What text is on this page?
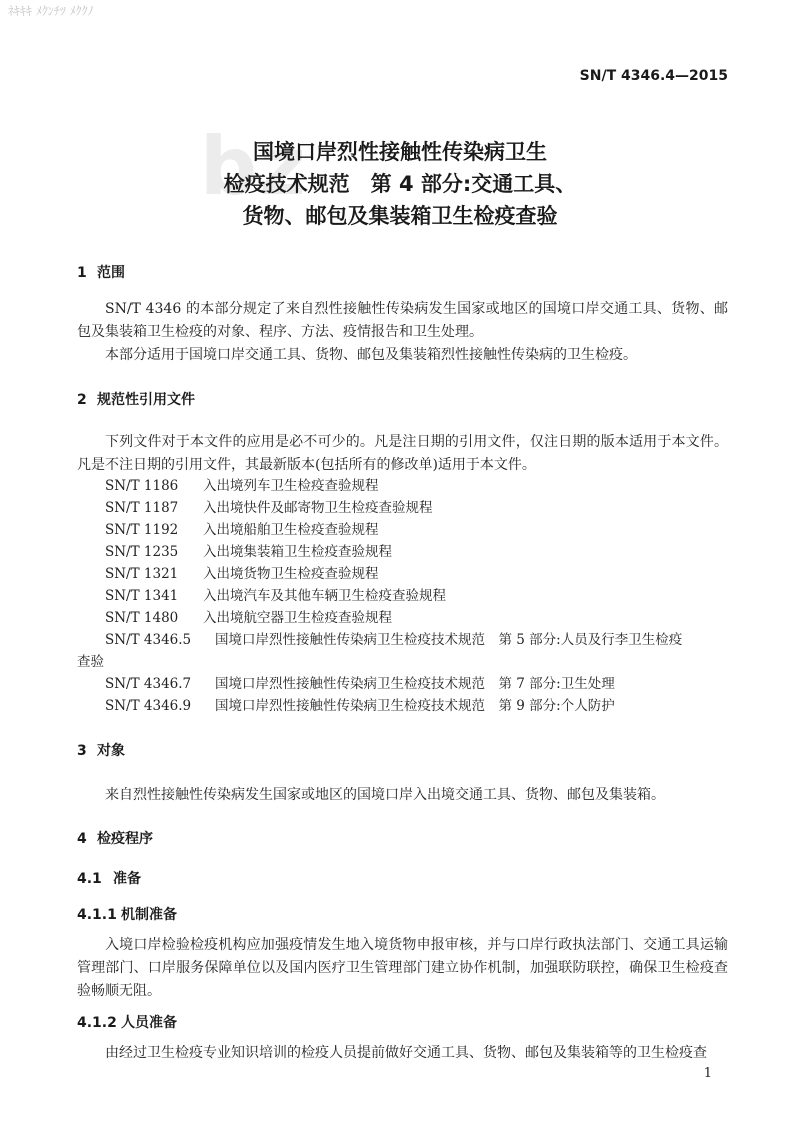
ﾈｷｷｷ ﾒｸﾝﾁﾂ ﾒｸｸﾉ
SN/T 4346.4—2015
bz
国境口岸烈性接触性传染病卫生
检疫技术规范　第 4 部分:交通工具、
货物、邮包及集装箱卫生检疫查验
1 范围
SN/T 4346 的本部分规定了来自烈性接触性传染病发生国家或地区的国境口岸交通工具、货物、邮包及集装箱卫生检疫的对象、程序、方法、疫情报告和卫生处理。
本部分适用于国境口岸交通工具、货物、邮包及集装箱烈性接触性传染病的卫生检疫。
2 规范性引用文件
下列文件对于本文件的应用是必不可少的。凡是注日期的引用文件，仅注日期的版本适用于本文件。凡是不注日期的引用文件，其最新版本(包括所有的修改单)适用于本文件。
SN/T 1186 入出境列车卫生检疫查验规程
SN/T 1187 入出境快件及邮寄物卫生检疫查验规程
SN/T 1192 入出境船舶卫生检疫查验规程
SN/T 1235 入出境集装箱卫生检疫查验规程
SN/T 1321 入出境货物卫生检疫查验规程
SN/T 1341 入出境汽车及其他车辆卫生检疫查验规程
SN/T 1480 入出境航空器卫生检疫查验规程
SN/T 4346.5 国境口岸烈性接触性传染病卫生检疫技术规范　第 5 部分:人员及行李卫生检疫
查验
SN/T 4346.7 国境口岸烈性接触性传染病卫生检疫技术规范　第 7 部分:卫生处理
SN/T 4346.9 国境口岸烈性接触性传染病卫生检疫技术规范　第 9 部分:个人防护
3 对象
来自烈性接触性传染病发生国家或地区的国境口岸入出境交通工具、货物、邮包及集装箱。
4 检疫程序
4.1 准备
4.1.1 机制准备
入境口岸检验检疫机构应加强疫情发生地入境货物申报审核，并与口岸行政执法部门、交通工具运输管理部门、口岸服务保障单位以及国内医疗卫生管理部门建立协作机制，加强联防联控，确保卫生检疫查验畅顺无阻。
4.1.2 人员准备
由经过卫生检疫专业知识培训的检疫人员提前做好交通工具、货物、邮包及集装箱等的卫生检疫查
1
